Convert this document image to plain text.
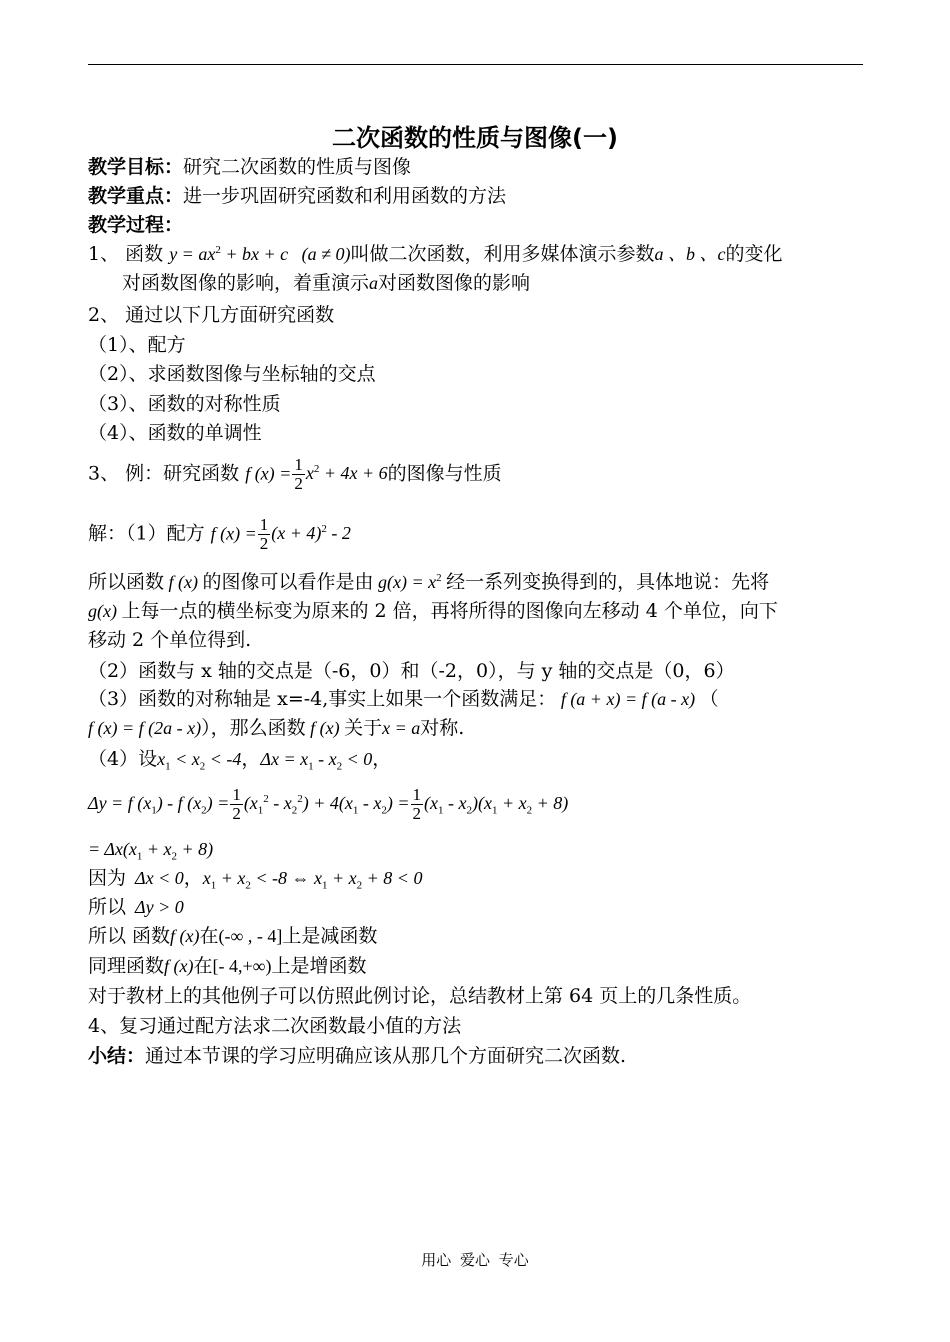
二次函数的性质与图像(一)
教学目标：研究二次函数的性质与图像
教学重点：进一步巩固研究函数和利用函数的方法
教学过程：
1、 函数 $y = ax^2$ + bx + c   (a ≠ 0)叫做二次函数，利用多媒体演示参数a 、b 、c的变化
对函数图像的影响，着重演示a对函数图像的影响
2、 通过以下几方面研究函数
（1）、配方
（2）、求函数图像与坐标轴的交点
（3）、函数的对称性质
（4）、函数的单调性
3、 例：研究函数 f $(x) = \frac{1}{2} x^2 + 4x + 6$的图像与性质
解：（1）配方 f $(x) = \frac{1}{2} (x + 4)^2 - 2$
所以函数 f (x) 的图像可以看作是由 $g(x) = x^2$ 经一系列变换得到的，具体地说：先将
g(x) 上每一点的横坐标变为原来的 2 倍，再将所得的图像向左移动 4 个单位，向下
移动 2 个单位得到.
（2）函数与 x 轴的交点是（-6，0）和（-2，0），与 y 轴的交点是（0，6）
（3）函数的对称轴是 x=-4,事实上如果一个函数满足： f (a + x) = f (a - x) （
f (x) = f (2a - x)），那么函数 f (x) 关于x = a对称.
（4）设$x_1 < x_2 < -4$，$\Delta x = x_1 - x_2 < 0$，
Δy = f $(x_1)$ - f $(x_2) = \frac{1}{2} (x_1^2 - x_2^2) + 4(x_1 - x_2) = \frac{1}{2} (x_1 - x_2)(x_1 + x_2 + 8)$
= $\Delta x(x_1 + x_2 + 8)$
因为  Δx < 0，$x_1 + x_2 < -8$ ⇔ $x_1 + x_2 + 8 < 0$
所以  Δy > 0
所以 函数f (x)在(-∞ , - 4]上是减函数
同理函数f (x)在[- 4,+∞)上是增函数
对于教材上的其他例子可以仿照此例讨论，总结教材上第 64 页上的几条性质。
4、复习通过配方法求二次函数最小值的方法
小结：通过本节课的学习应明确应该从那几个方面研究二次函数.
用心 爱心 专心
